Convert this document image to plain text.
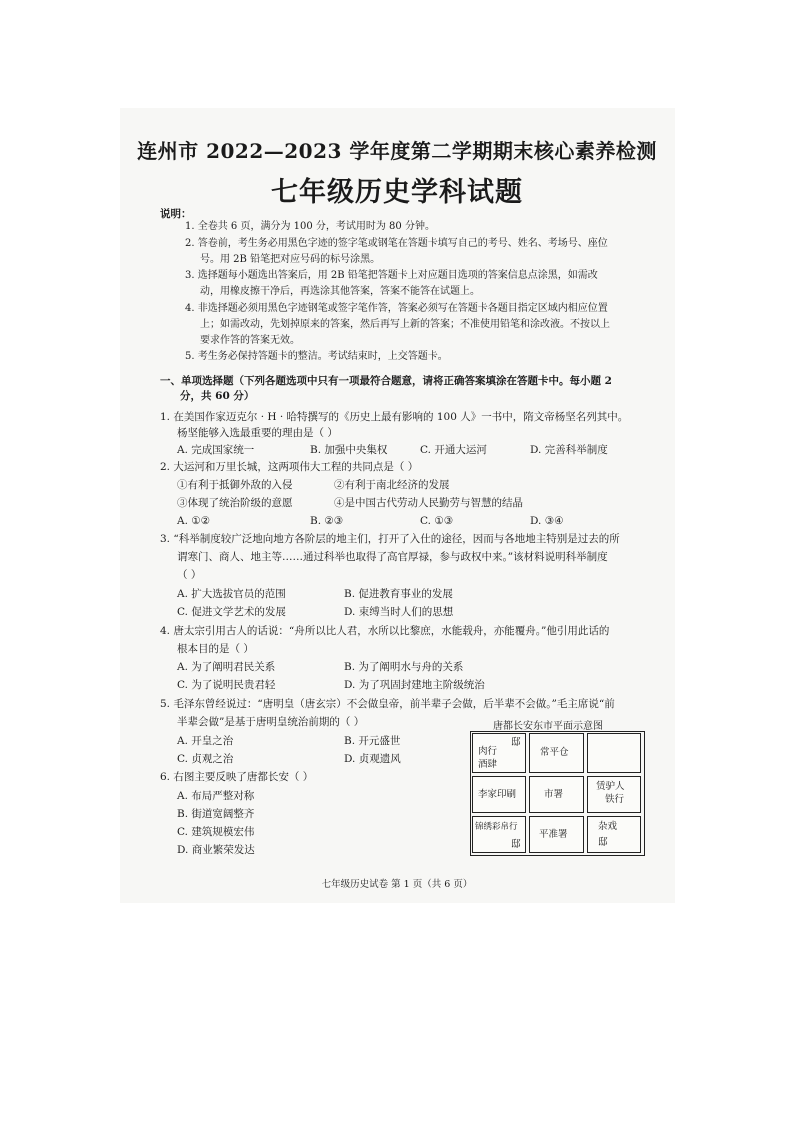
连州市 2022—2023 学年度第二学期期末核心素养检测
七年级历史学科试题
说明：
1. 全卷共 6 页，满分为 100 分，考试用时为 80 分钟。
2. 答卷前，考生务必用黑色字迹的签字笔或钢笔在答题卡填写自己的考号、姓名、考场号、座位
号。用 2B 铅笔把对应号码的标号涂黑。
3. 选择题每小题选出答案后，用 2B 铅笔把答题卡上对应题目选项的答案信息点涂黑，如需改
动，用橡皮擦干净后，再选涂其他答案，答案不能答在试题上。
4. 非选择题必须用黑色字迹钢笔或签字笔作答，答案必须写在答题卡各题目指定区域内相应位置
上；如需改动，先划掉原来的答案，然后再写上新的答案；不准使用铅笔和涂改液。不按以上
要求作答的答案无效。
5. 考生务必保持答题卡的整洁。考试结束时，上交答题卡。
一、单项选择题（下列各题选项中只有一项最符合题意，请将正确答案填涂在答题卡中。每小题 2
分，共 60 分）
1. 在美国作家迈克尔 · H · 哈特撰写的《历史上最有影响的 100 人》一书中，隋文帝杨坚名列其中。
杨坚能够入选最重要的理由是（ ）
A. 完成国家统一	B. 加强中央集权	C. 开通大运河	D. 完善科举制度
2. 大运河和万里长城，这两项伟大工程的共同点是（ ）
①有利于抵御外敌的入侵	②有利于南北经济的发展
③体现了统治阶级的意愿	④是中国古代劳动人民勤劳与智慧的结晶
A. ①②	B. ②③	C. ①③	D. ③④
3. “科举制度较广泛地向地方各阶层的地主们，打开了入仕的途径，因而与各地地主特别是过去的所
谓寒门、商人、地主等……通过科举也取得了高官厚禄，参与政权中来。”该材料说明科举制度
（ ）
A. 扩大选拔官员的范围	B. 促进教育事业的发展
C. 促进文学艺术的发展	D. 束缚当时人们的思想
4. 唐太宗引用古人的话说：“舟所以比人君，水所以比黎庶，水能载舟，亦能覆舟。”他引用此话的
根本目的是（ ）
A. 为了阐明君民关系	B. 为了阐明水与舟的关系
C. 为了说明民贵君轻	D. 为了巩固封建地主阶级统治
5. 毛泽东曾经说过：“唐明皇（唐玄宗）不会做皇帝，前半辈子会做，后半辈不会做。”毛主席说“前
半辈会做”是基于唐明皇统治前期的（ ）
A. 开皇之治	B. 开元盛世
C. 贞观之治	D. 贞观遗风
6. 右图主要反映了唐都长安（ ）
A. 布局严整对称
B. 街道宽阔整齐
C. 建筑规模宏伟
D. 商业繁荣发达
唐都长安东市平面示意图
邸
肉行
酒肆
常平仓
李家印刷	市署
赁驴人
铁行
锦绣彩帛行
邸
平准署
杂戏
邸
七年级历史试卷 第 1 页（共 6 页）
